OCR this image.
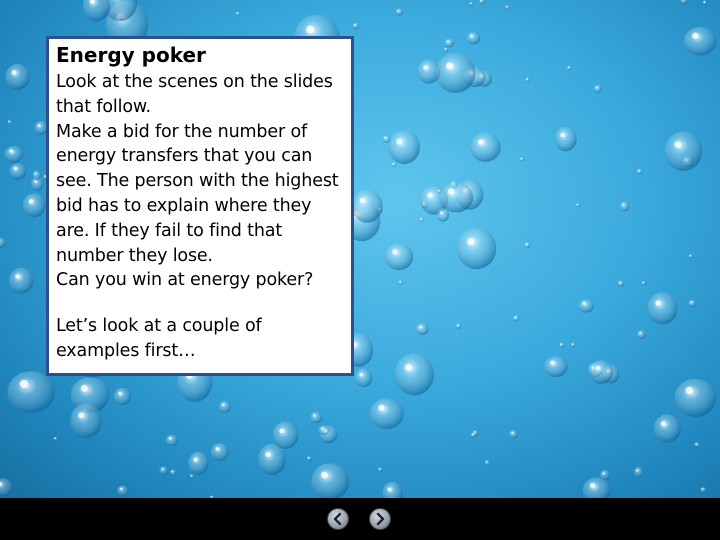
Energy poker

Look at the scenes on the slides that follow.

Make a bid for the number of energy transfers that you can see. The person with the highest bid has to explain where they are. If they fail to find that number they lose.

Can you win at energy poker?

Let’s look at a couple of examples first…
